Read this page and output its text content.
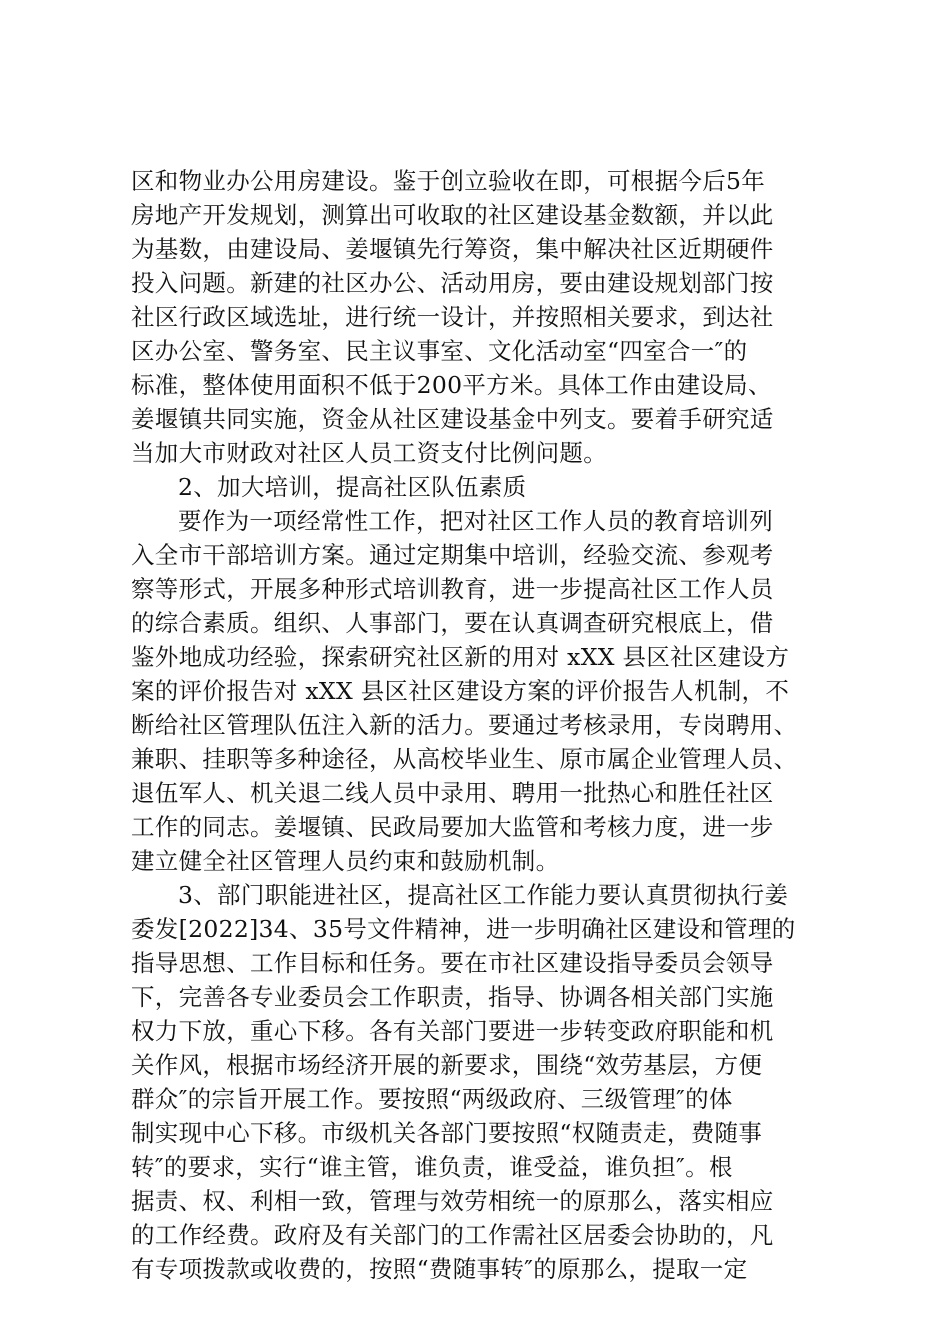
区和物业办公用房建设。鉴于创立验收在即，可根据今后5年
房地产开发规划，测算出可收取的社区建设基金数额，并以此
为基数，由建设局、姜堰镇先行筹资，集中解决社区近期硬件
投入问题。新建的社区办公、活动用房，要由建设规划部门按
社区行政区域选址，进行统一设计，并按照相关要求，到达社
区办公室、警务室、民主议事室、文化活动室“四室合一″的
标准，整体使用面积不低于200平方米。具体工作由建设局、
姜堰镇共同实施，资金从社区建设基金中列支。要着手研究适
当加大市财政对社区人员工资支付比例问题。
2、加大培训，提高社区队伍素质
要作为一项经常性工作，把对社区工作人员的教育培训列
入全市干部培训方案。通过定期集中培训，经验交流、参观考
察等形式，开展多种形式培训教育，进一步提高社区工作人员
的综合素质。组织、人事部门，要在认真调查研究根底上，借
鉴外地成功经验，探索研究社区新的用对 xXX 县区社区建设方
案的评价报告对 xXX 县区社区建设方案的评价报告人机制，不
断给社区管理队伍注入新的活力。要通过考核录用，专岗聘用、
兼职、挂职等多种途径，从高校毕业生、原市属企业管理人员、
退伍军人、机关退二线人员中录用、聘用一批热心和胜任社区
工作的同志。姜堰镇、民政局要加大监管和考核力度，进一步
建立健全社区管理人员约束和鼓励机制。
3、部门职能进社区，提高社区工作能力要认真贯彻执行姜
委发[2022]34、35号文件精神，进一步明确社区建设和管理的
指导思想、工作目标和任务。要在市社区建设指导委员会领导
下，完善各专业委员会工作职责，指导、协调各相关部门实施
权力下放，重心下移。各有关部门要进一步转变政府职能和机
关作风，根据市场经济开展的新要求，围绕“效劳基层，方便
群众″的宗旨开展工作。要按照“两级政府、三级管理″的体
制实现中心下移。市级机关各部门要按照“权随责走，费随事
转″的要求，实行“谁主管，谁负责，谁受益，谁负担″。根
据责、权、利相一致，管理与效劳相统一的原那么，落实相应
的工作经费。政府及有关部门的工作需社区居委会协助的，凡
有专项拨款或收费的，按照“费随事转″的原那么，提取一定
